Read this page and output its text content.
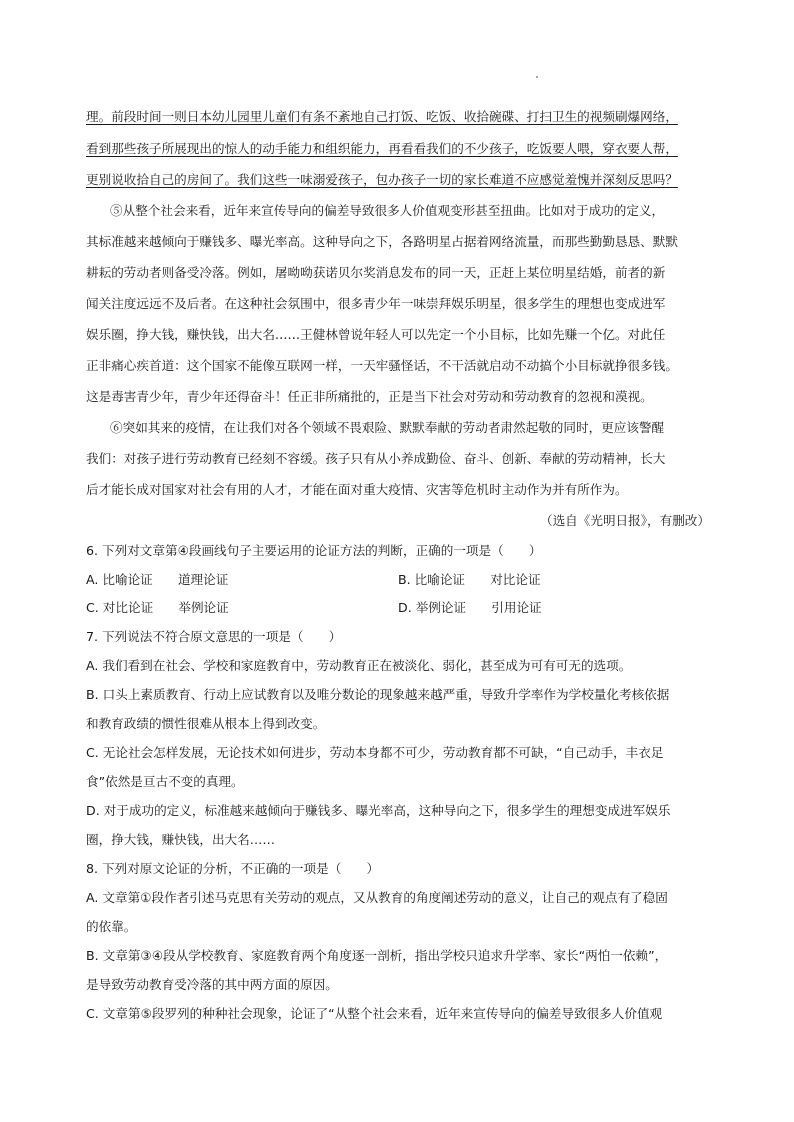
理。前段时间一则日本幼儿园里儿童们有条不紊地自己打饭、吃饭、收拾碗碟、打扫卫生的视频刷爆网络，
看到那些孩子所展现出的惊人的动手能力和组织能力，再看看我们的不少孩子，吃饭要人喂，穿衣要人帮，
更别说收拾自己的房间了。我们这些一味溺爱孩子，包办孩子一切的家长难道不应感觉羞愧并深刻反思吗？
⑤从整个社会来看，近年来宣传导向的偏差导致很多人价值观变形甚至扭曲。比如对于成功的定义，
其标准越来越倾向于赚钱多、曝光率高。这种导向之下，各路明星占据着网络流量，而那些勤勤恳恳、默默
耕耘的劳动者则备受冷落。例如，屠呦呦获诺贝尔奖消息发布的同一天，正赶上某位明星结婚，前者的新
闻关注度远远不及后者。在这种社会氛围中，很多青少年一味崇拜娱乐明星，很多学生的理想也变成进军
娱乐圈，挣大钱，赚快钱，出大名……王健林曾说年轻人可以先定一个小目标，比如先赚一个亿。对此任
正非痛心疾首道：这个国家不能像互联网一样，一天牢骚怪话，不干活就启动不动搞个小目标就挣很多钱。
这是毒害青少年，青少年还得奋斗！任正非所痛批的，正是当下社会对劳动和劳动教育的忽视和漠视。
⑥突如其来的疫情，在让我们对各个领域不畏艰险、默默奉献的劳动者肃然起敬的同时，更应该警醒
我们：对孩子进行劳动教育已经刻不容缓。孩子只有从小养成勤俭、奋斗、创新、奉献的劳动精神，长大
后才能长成对国家对社会有用的人才，才能在面对重大疫情、灾害等危机时主动作为并有所作为。
（选自《光明日报》，有删改）
6. 下列对文章第④段画线句子主要运用的论证方法的判断，正确的一项是（　　）
A. 比喻论证　　道理论证	B. 比喻论证　　对比论证
C. 对比论证　　举例论证	D. 举例论证　　引用论证
7. 下列说法不符合原文意思的一项是（　　）
A. 我们看到在社会、学校和家庭教育中，劳动教育正在被淡化、弱化，甚至成为可有可无的选项。
B. 口头上素质教育、行动上应试教育以及唯分数论的现象越来越严重，导致升学率作为学校量化考核依据
和教育政绩的惯性很难从根本上得到改变。
C. 无论社会怎样发展，无论技术如何进步，劳动本身都不可少，劳动教育都不可缺，“自己动手，丰衣足
食”依然是亘古不变的真理。
D. 对于成功的定义，标准越来越倾向于赚钱多、曝光率高，这种导向之下，很多学生的理想变成进军娱乐
圈，挣大钱，赚快钱，出大名……
8. 下列对原文论证的分析，不正确的一项是（　　）
A. 文章第①段作者引述马克思有关劳动的观点，又从教育的角度阐述劳动的意义，让自己的观点有了稳固
的依靠。
B. 文章第③④段从学校教育、家庭教育两个角度逐一剖析，指出学校只追求升学率、家长“两怕一依赖”，
是导致劳动教育受冷落的其中两方面的原因。
C. 文章第⑤段罗列的种种社会现象，论证了“从整个社会来看，近年来宣传导向的偏差导致很多人价值观
